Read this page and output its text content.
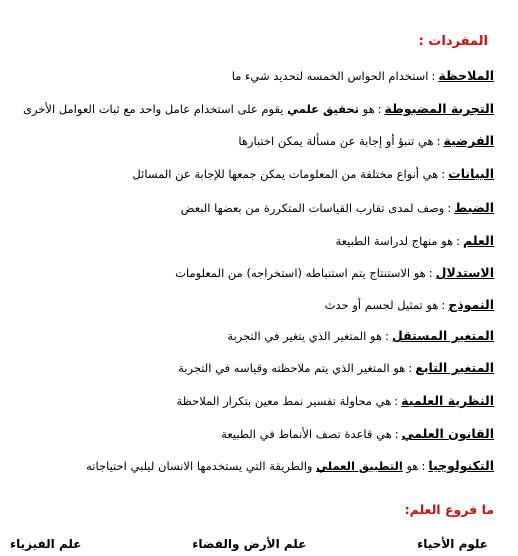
المفردات :
الملاحظة:استخدام الحواس الخمسه لتحديد شيء ما
التجربة المضبوطة:هو تحقيق علمي يقوم على استخدام عامل واحد مع ثبات العوامل الأخرى
الفرضية:هي تنبؤ أو إجابة عن مسألة يمكن اختبارها
البيانات:هي أنواع مختلفة من المعلومات يمكن جمعها للإجابة عن المسائل
الضبط:وصف لمدى تقارب القياسات المتكررة من بعضها البعض
العلم:هو منهاج لدراسة الطبيعة
الاستدلال:هو الاستنتاج يتم استنباطه (استخراجه) من المعلومات
النموذج:هو تمثيل لجسم أو حدث
المتغير المستقل:هو المتغير الذي يتغير في التجربة
المتغير التابع:هو المتغير الذي يتم ملاحظته وقياسه في التجربة
النظرية العلمية:هي محاولة تفسير نمط معين بتكرار الملاحظة
القانون العلمي:هي قاعدة تصف الأنماط في الطبيعة
التكنولوجيا:هو التطبيق العملي والطريقة التي يستخدمها الانسان ليلبي احتياجاته
ما فروع العلم:
علوم الأحياء
علم الأرض والفضاء
علم الفيزياء
